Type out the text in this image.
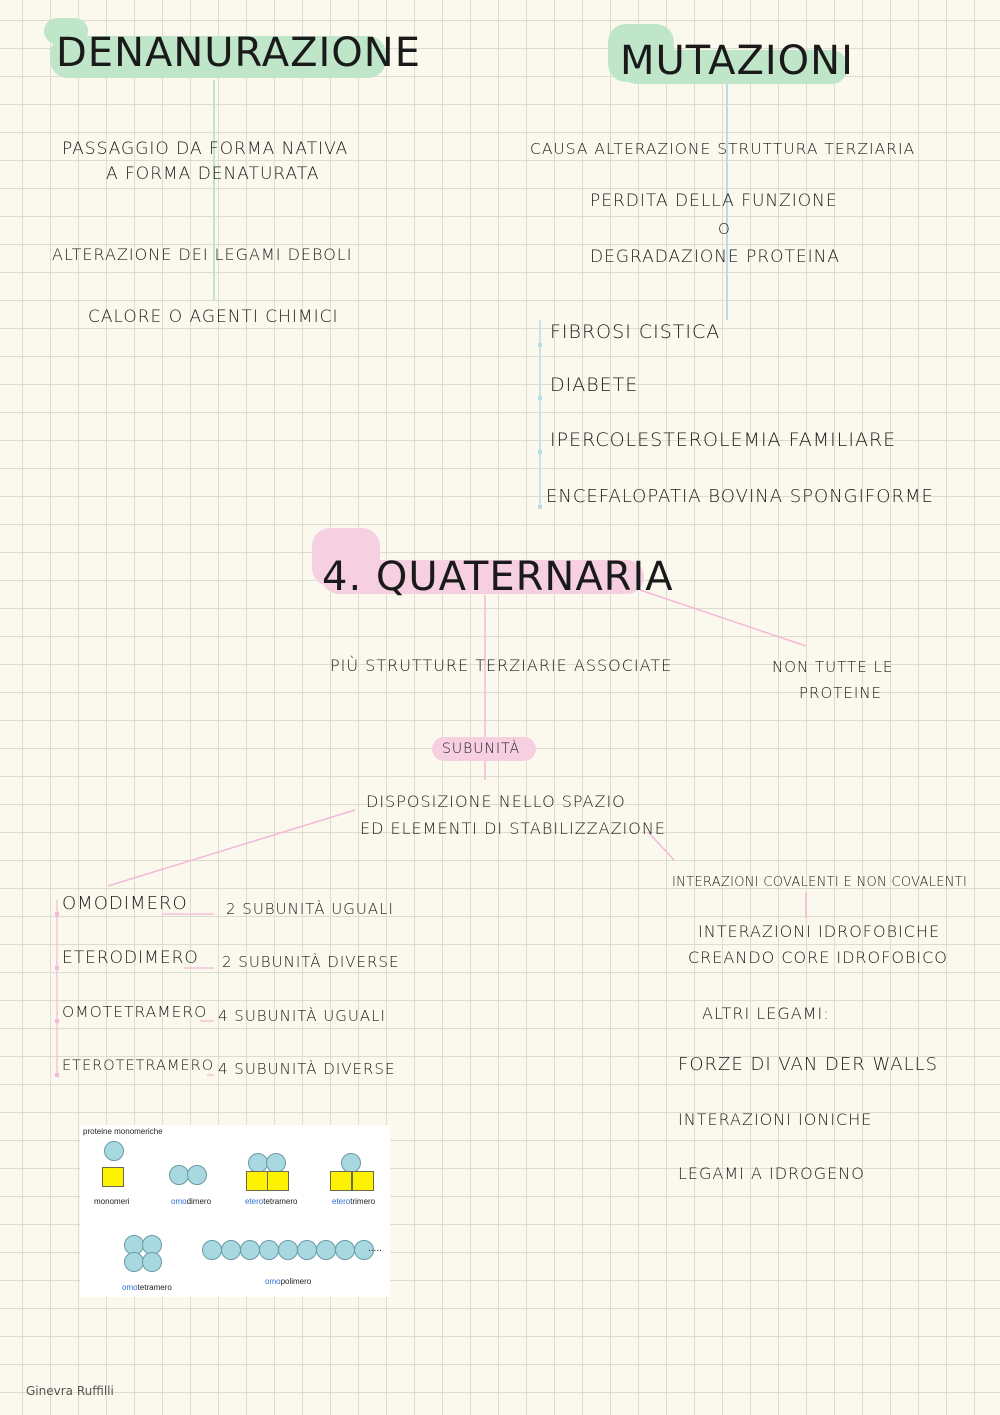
DENANURAZIONE
PASSAGGIO DA FORMA NATIVA
A FORMA DENATURATA
ALTERAZIONE DEI LEGAMI DEBOLI
CALORE O AGENTI CHIMICI
MUTAZIONI
CAUSA ALTERAZIONE STRUTTURA TERZIARIA
PERDITA DELLA FUNZIONE
O
DEGRADAZIONE PROTEINA
FIBROSI CISTICA
DIABETE
IPERCOLESTEROLEMIA FAMILIARE
ENCEFALOPATIA BOVINA SPONGIFORME
4. QUATERNARIA
PIÙ STRUTTURE TERZIARIE ASSOCIATE	NON TUTTE LE
PROTEINE
SUBUNITÀ
DISPOSIZIONE NELLO SPAZIO
ED ELEMENTI DI STABILIZZAZIONE
OMODIMERO	2 SUBUNITÀ UGUALI
ETERODIMERO 2 SUBUNITÀ DIVERSE
OMOTETRAMERO 4 SUBUNITÀ UGUALI
ETEROTETRAMERO 4 SUBUNITÀ DIVERSE
INTERAZIONI COVALENTI E NON COVALENTI
INTERAZIONI IDROFOBICHE
CREANDO CORE IDROFOBICO
ALTRI LEGAMI:
FORZE DI VAN DER WALLS
INTERAZIONI IONICHE
LEGAMI A IDROGENO
proteine monomeriche
monomeri	omodimero	eterotetramero	eterotrimero
omotetramero
.....
omopolimero
Ginevra Ruffilli
